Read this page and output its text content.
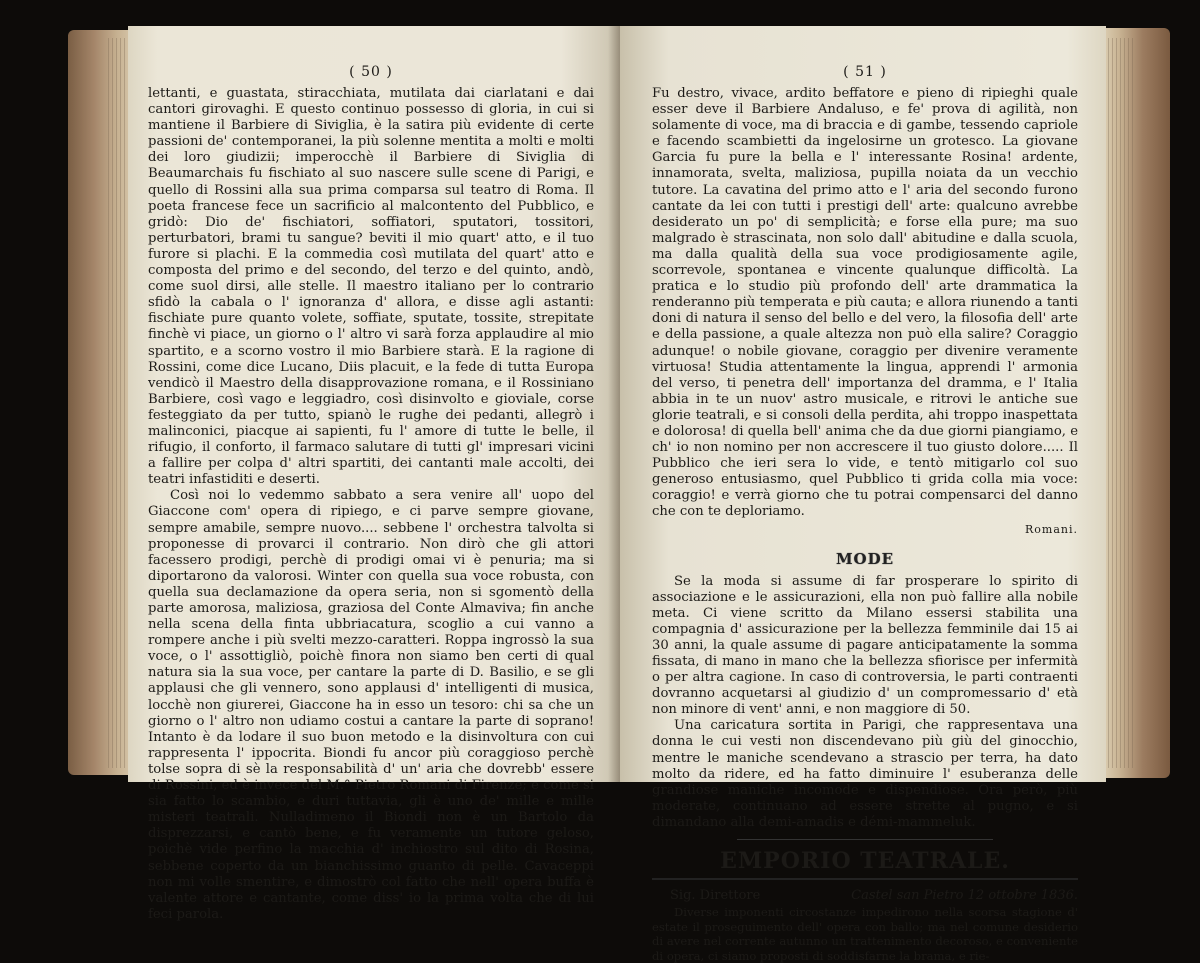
( 50 )

lettanti, e guastata, stiracchiata, mutilata dai ciarlatani e dai cantori girovaghi. E questo continuo possesso di gloria, in cui si mantiene il Barbiere di Siviglia, è la satira più evidente di certe passioni de' contemporanei, la più solenne mentita a molti e molti dei loro giudizii; imperocchè il Barbiere di Siviglia di Beaumarchais fu fischiato al suo nascere sulle scene di Parigi, e quello di Rossini alla sua prima comparsa sul teatro di Roma. Il poeta francese fece un sacrificio al malcontento del Pubblico, e gridò: Dio de' fischiatori, soffiatori, sputatori, tossitori, perturbatori, brami tu sangue? beviti il mio quart' atto, e il tuo furore si plachi. E la commedia così mutilata del quart' atto e composta del primo e del secondo, del terzo e del quinto, andò, come suol dirsi, alle stelle. Il maestro italiano per lo contrario sfidò la cabala o l' ignoranza d' allora, e disse agli astanti: fischiate pure quanto volete, soffiate, sputate, tossite, strepitate finchè vi piace, un giorno o l' altro vi sarà forza applaudire al mio spartito, e a scorno vostro il mio Barbiere starà. E la ragione di Rossini, come dice Lucano, Diis placuit, e la fede di tutta Europa vendicò il Maestro della disapprovazione romana, e il Rossiniano Barbiere, così vago e leggiadro, così disinvolto e gioviale, corse festeggiato da per tutto, spianò le rughe dei pedanti, allegrò i malinconici, piacque ai sapienti, fu l' amore di tutte le belle, il rifugio, il conforto, il farmaco salutare di tutti gl' impresari vicini a fallire per colpa d' altri spartiti, dei cantanti male accolti, dei teatri infastiditi e deserti.

Così noi lo vedemmo sabbato a sera venire all' uopo del Giaccone com' opera di ripiego, e ci parve sempre giovane, sempre amabile, sempre nuovo.... sebbene l' orchestra talvolta si proponesse di provarci il contrario. Non dirò che gli attori facessero prodigi, perchè di prodigi omai vi è penuria; ma si diportarono da valorosi. Winter con quella sua voce robusta, con quella sua declamazione da opera seria, non si sgomentò della parte amorosa, maliziosa, graziosa del Conte Almaviva; fin anche nella scena della finta ubbriacatura, scoglio a cui vanno a rompere anche i più svelti mezzo-caratteri. Roppa ingrossò la sua voce, o l' assottigliò, poichè finora non siamo ben certi di qual natura sia la sua voce, per cantare la parte di D. Basilio, e se gli applausi che gli vennero, sono applausi d' intelligenti di musica, locchè non giurerei, Giaccone ha in esso un tesoro: chi sa che un giorno o l' altro non udiamo costui a cantare la parte di soprano! Intanto è da lodare il suo buon metodo e la disinvoltura con cui rappresenta l' ippocrita. Biondi fu ancor più coraggioso perchè tolse sopra di sè la responsabilità d' un' aria che dovrebb' essere di Rossini, ed è invece del M.° Pietro Romani di Firenze; e come si sia fatto lo scambio, e duri tuttavia, gli è uno de' mille e mille misteri teatrali. Nulladimeno il Biondi non è un Bartolo da disprezzarsi, e cantò bene, e fu veramente un tutore geloso, poichè vide perfino la macchia d' inchiostro sul dito di Rosina, sebbene coperto da un bianchissimo guanto di pelle. Cavaceppi non mi volle smentire, e dimostrò col fatto che nell' opera buffa è valente attore e cantante, come diss' io la prima volta che di lui feci parola.

( 51 )

Fu destro, vivace, ardito beffatore e pieno di ripieghi quale esser deve il Barbiere Andaluso, e fe' prova di agilità, non solamente di voce, ma di braccia e di gambe, tessendo capriole e facendo scambietti da ingelosirne un grotesco. La giovane Garcia fu pure la bella e l' interessante Rosina! ardente, innamorata, svelta, maliziosa, pupilla noiata da un vecchio tutore. La cavatina del primo atto e l' aria del secondo furono cantate da lei con tutti i prestigi dell' arte: qualcuno avrebbe desiderato un po' di semplicità; e forse ella pure; ma suo malgrado è strascinata, non solo dall' abitudine e dalla scuola, ma dalla qualità della sua voce prodigiosamente agile, scorrevole, spontanea e vincente qualunque difficoltà. La pratica e lo studio più profondo dell' arte drammatica la renderanno più temperata e più cauta; e allora riunendo a tanti doni di natura il senso del bello e del vero, la filosofia dell' arte e della passione, a quale altezza non può ella salire? Coraggio adunque! o nobile giovane, coraggio per divenire veramente virtuosa! Studia attentamente la lingua, apprendi l' armonia del verso, ti penetra dell' importanza del dramma, e l' Italia abbia in te un nuov' astro musicale, e ritrovi le antiche sue glorie teatrali, e si consoli della perdita, ahi troppo inaspettata e dolorosa! di quella bell' anima che da due giorni piangiamo, e ch' io non nomino per non accrescere il tuo giusto dolore..... Il Pubblico che ieri sera lo vide, e tentò mitigarlo col suo generoso entusiasmo, quel Pubblico ti grida colla mia voce: coraggio! e verrà giorno che tu potrai compensarci del danno che con te deploriamo.

Romani.
MODE

Se la moda si assume di far prosperare lo spirito di associazione e le assicurazioni, ella non può fallire alla nobile meta. Ci viene scritto da Milano essersi stabilita una compagnia d' assicurazione per la bellezza femminile dai 15 ai 30 anni, la quale assume di pagare anticipatamente la somma fissata, di mano in mano che la bellezza sfiorisce per infermità o per altra cagione. In caso di controversia, le parti contraenti dovranno acquetarsi al giudizio d' un compromessario d' età non minore di vent' anni, e non maggiore di 50.

Una caricatura sortita in Parigi, che rappresentava una donna le cui vesti non discendevano più giù del ginocchio, mentre le maniche scendevano a strascio per terra, ha dato molto da ridere, ed ha fatto diminuire l' esuberanza delle grandiose maniche incomode e dispendiose. Ora però, più moderate, continuano ad essere strette al pugno, e si dimandano alla demi-amadis e démi-mammeluk.

EMPORIO TEATRALE.
Sig. Direttore	Castel san Pietro 12 ottobre 1836.

Diverse imponenti circostanze impedirono nella scorsa stagione d' estate il proseguimento dell' opera con ballo; ma nel comune desiderio di avere nel corrente autunno un trattenimento decoroso, e conveniente di opera, ci siamo proposti di soddisfarne la brama, e rie-
